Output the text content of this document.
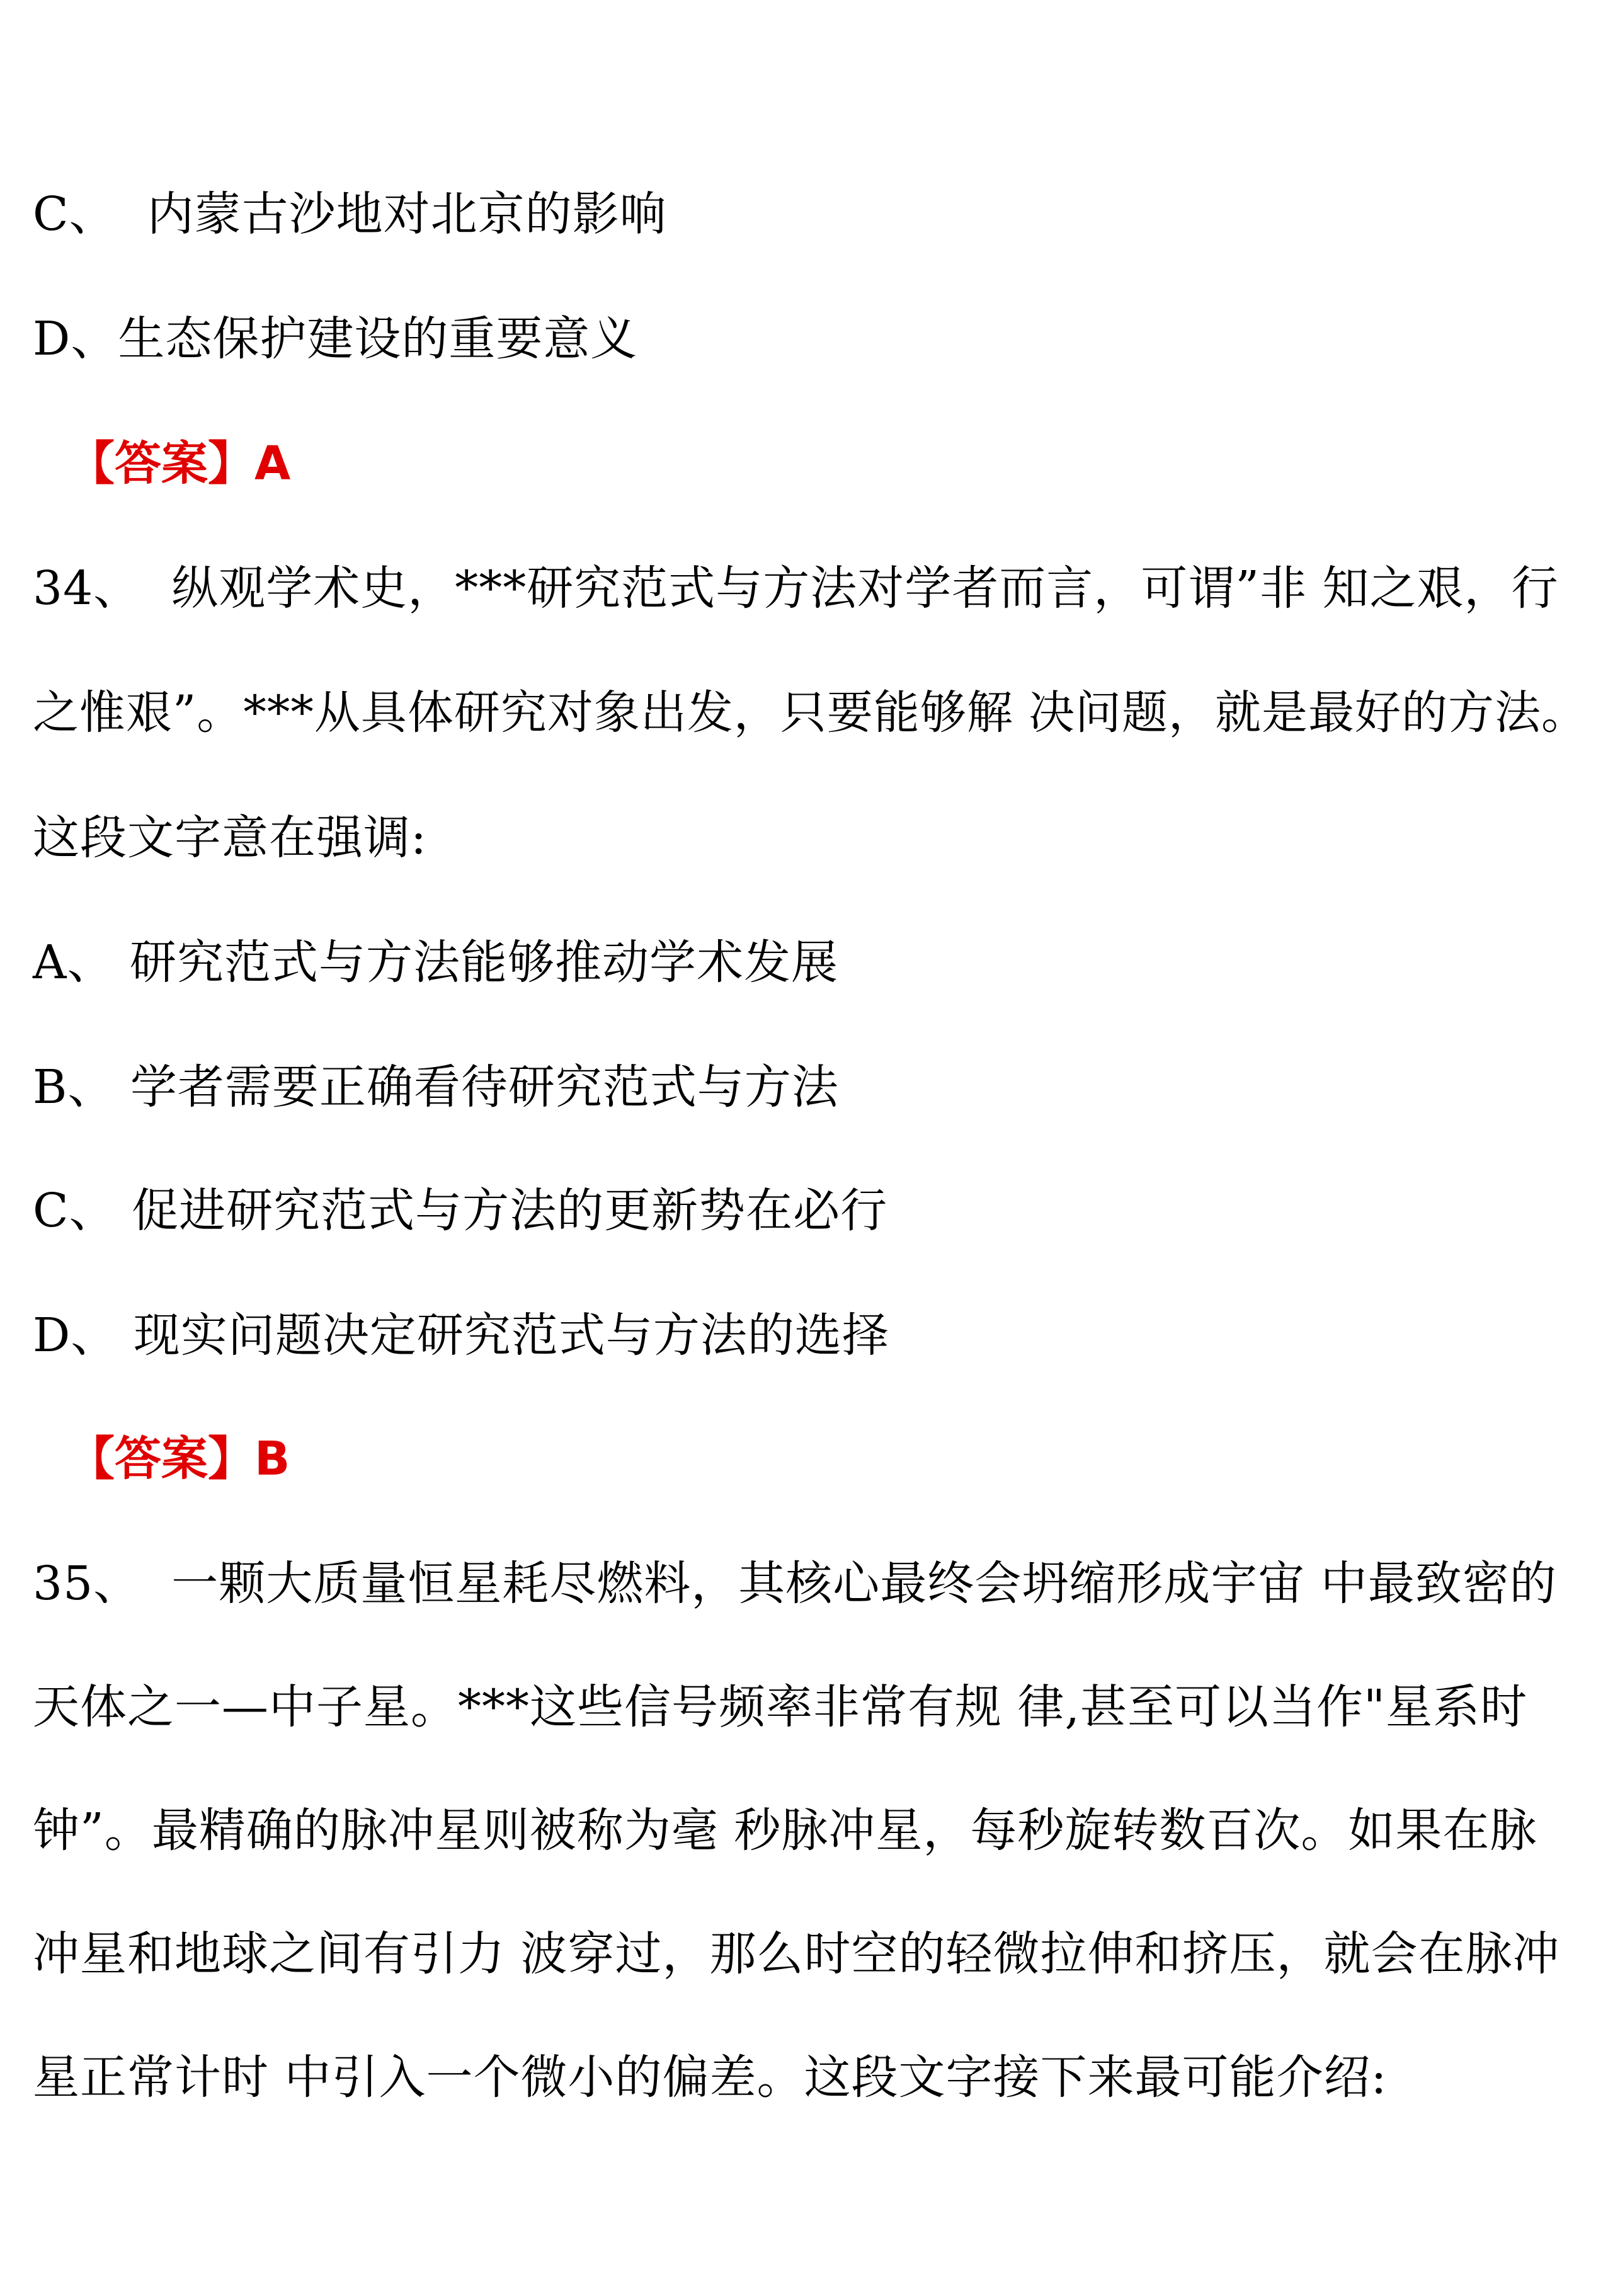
C、  内蒙古沙地对北京的影响
D、生态保护建设的重要意义
【答案】A
34、  纵观学术史，***研究范式与方法对学者而言，可谓”非 知之艰，行
之惟艰”。***从具体研究对象出发，只要能够解 决问题，就是最好的方法。
这段文字意在强调:
A、 研究范式与方法能够推动学术发展
B、 学者需要正确看待研究范式与方法
C、 促进研究范式与方法的更新势在必行
D、 现实问题决定研究范式与方法的选择
【答案】B
35、  一颗大质量恒星耗尽燃料，其核心最终会坍缩形成宇宙 中最致密的
天体之一—中子星。***这些信号频率非常有规 律,甚至可以当作"星系时
钟”。最精确的脉冲星则被称为毫 秒脉冲星，每秒旋转数百次。如果在脉
冲星和地球之间有引力 波穿过，那么时空的轻微拉伸和挤压，就会在脉冲
星正常计时 中引入一个微小的偏差。这段文字接下来最可能介绍:
